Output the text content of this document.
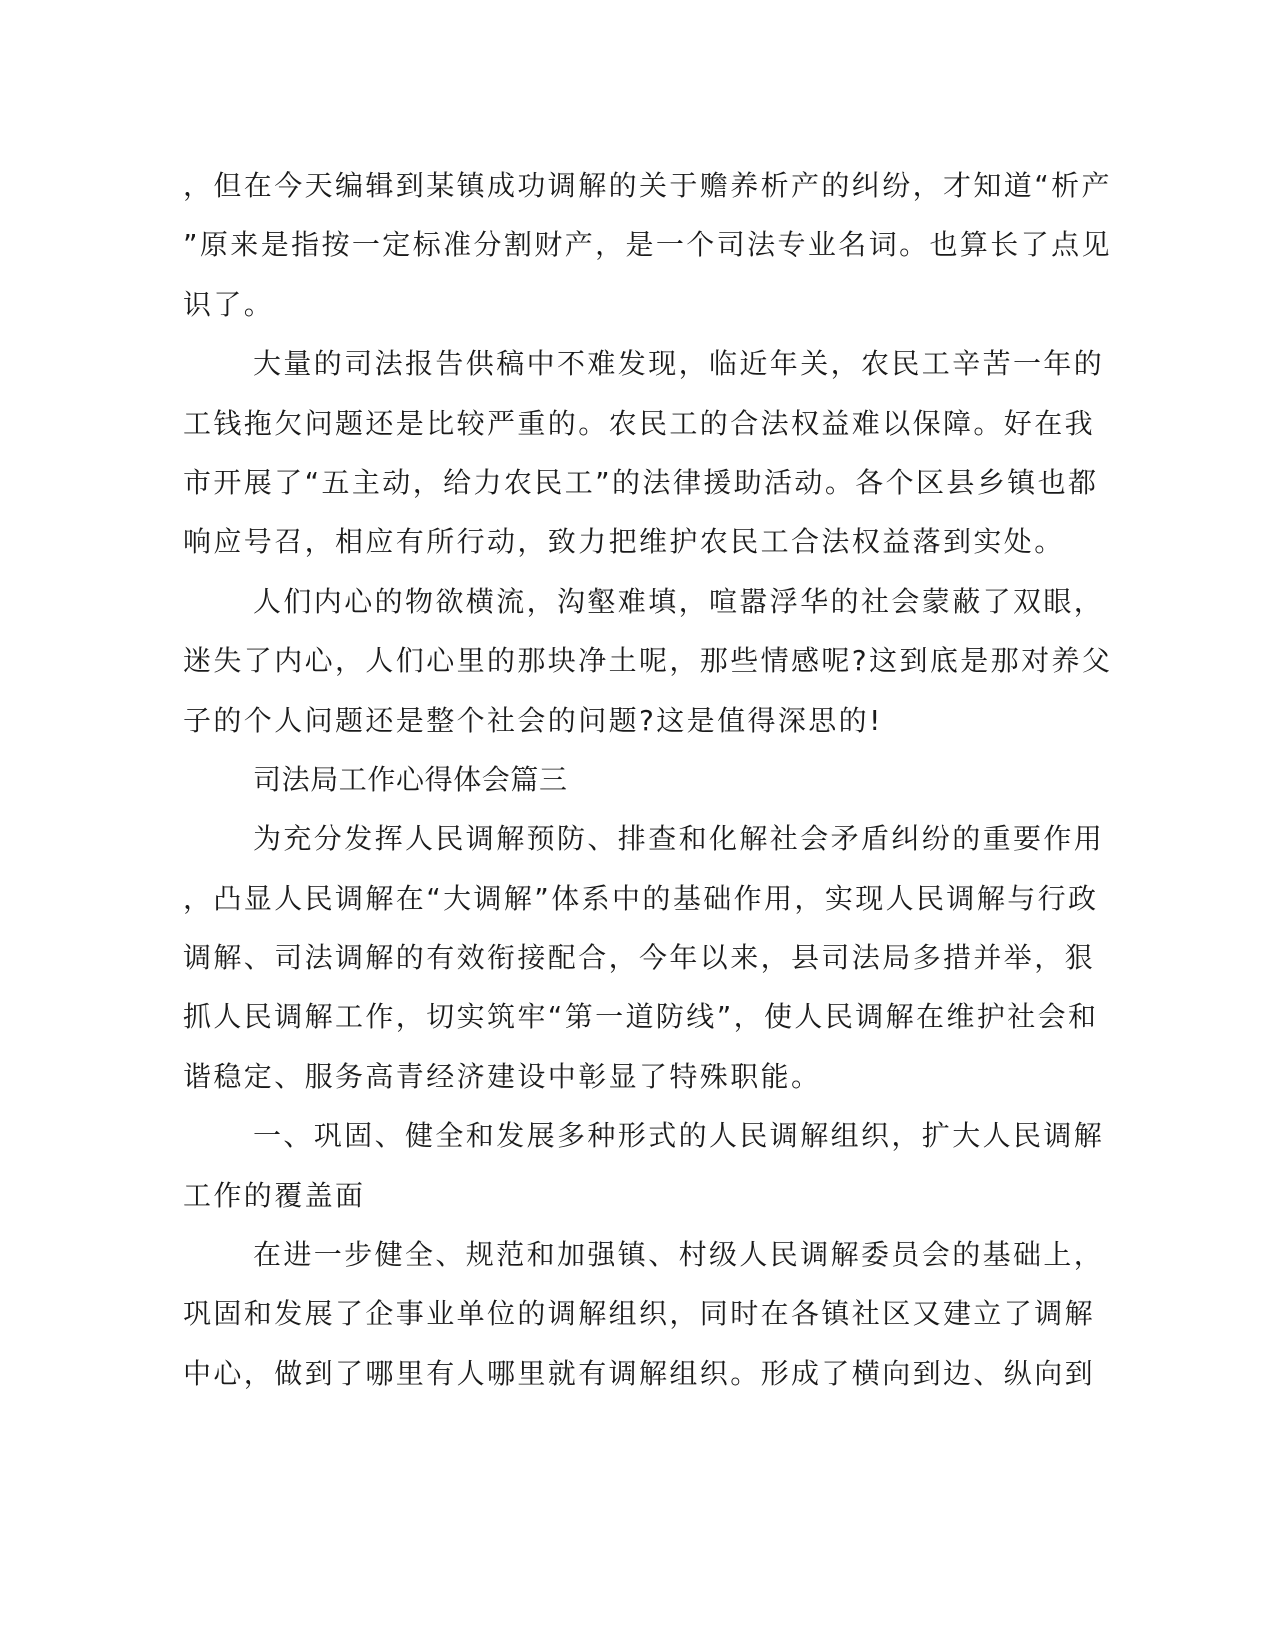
，但在今天编辑到某镇成功调解的关于赡养析产的纠纷，才知道“析产
”原来是指按一定标准分割财产，是一个司法专业名词。也算长了点见
识了。
大量的司法报告供稿中不难发现，临近年关，农民工辛苦一年的
工钱拖欠问题还是比较严重的。农民工的合法权益难以保障。好在我
市开展了“五主动，给力农民工”的法律援助活动。各个区县乡镇也都
响应号召，相应有所行动，致力把维护农民工合法权益落到实处。
人们内心的物欲横流，沟壑难填，喧嚣浮华的社会蒙蔽了双眼，
迷失了内心，人们心里的那块净土呢，那些情感呢?这到底是那对养父
子的个人问题还是整个社会的问题?这是值得深思的!
司法局工作心得体会篇三
为充分发挥人民调解预防、排查和化解社会矛盾纠纷的重要作用
，凸显人民调解在“大调解”体系中的基础作用，实现人民调解与行政
调解、司法调解的有效衔接配合，今年以来，县司法局多措并举，狠
抓人民调解工作，切实筑牢“第一道防线”，使人民调解在维护社会和
谐稳定、服务高青经济建设中彰显了特殊职能。
一、巩固、健全和发展多种形式的人民调解组织，扩大人民调解
工作的覆盖面
在进一步健全、规范和加强镇、村级人民调解委员会的基础上，
巩固和发展了企事业单位的调解组织，同时在各镇社区又建立了调解
中心，做到了哪里有人哪里就有调解组织。形成了横向到边、纵向到
